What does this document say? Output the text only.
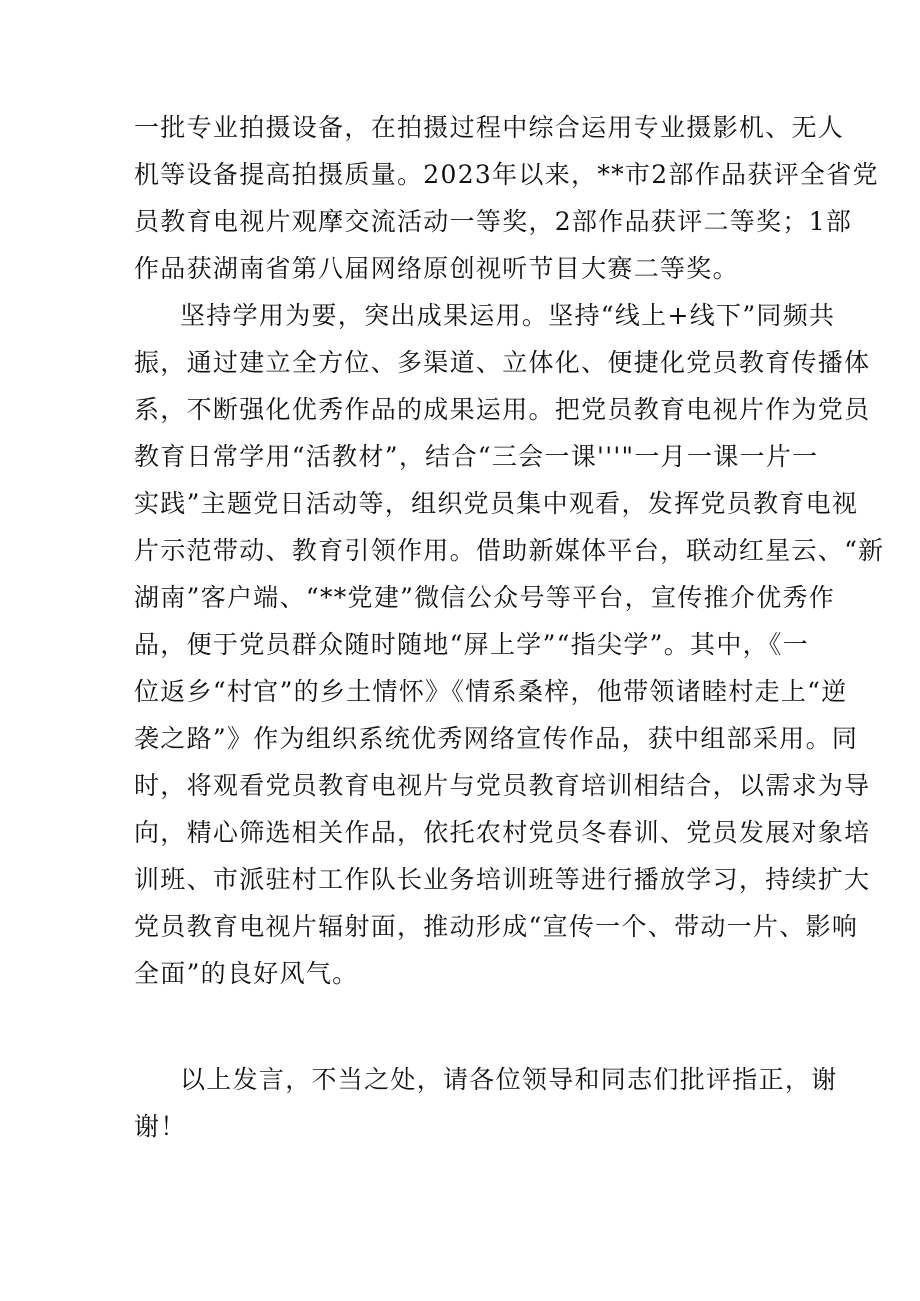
一批专业拍摄设备，在拍摄过程中综合运用专业摄影机、无人
机等设备提高拍摄质量。2023年以来，**市2部作品获评全省党
员教育电视片观摩交流活动一等奖，2部作品获评二等奖；1部
作品获湖南省第八届网络原创视听节目大赛二等奖。
坚持学用为要，突出成果运用。坚持“线上+线下”同频共
振，通过建立全方位、多渠道、立体化、便捷化党员教育传播体
系，不断强化优秀作品的成果运用。把党员教育电视片作为党员
教育日常学用“活教材”，结合“三会一课'''"一月一课一片一
实践”主题党日活动等，组织党员集中观看，发挥党员教育电视
片示范带动、教育引领作用。借助新媒体平台，联动红星云、“新
湖南”客户端、“**党建”微信公众号等平台，宣传推介优秀作
品，便于党员群众随时随地“屏上学”“指尖学”。其中，《一
位返乡“村官”的乡土情怀》《情系桑梓，他带领诸睦村走上“逆
袭之路”》作为组织系统优秀网络宣传作品，获中组部采用。同
时，将观看党员教育电视片与党员教育培训相结合，以需求为导
向，精心筛选相关作品，依托农村党员冬春训、党员发展对象培
训班、市派驻村工作队长业务培训班等进行播放学习，持续扩大
党员教育电视片辐射面，推动形成“宣传一个、带动一片、影响
全面”的良好风气。
以上发言，不当之处，请各位领导和同志们批评指正，谢
谢！
